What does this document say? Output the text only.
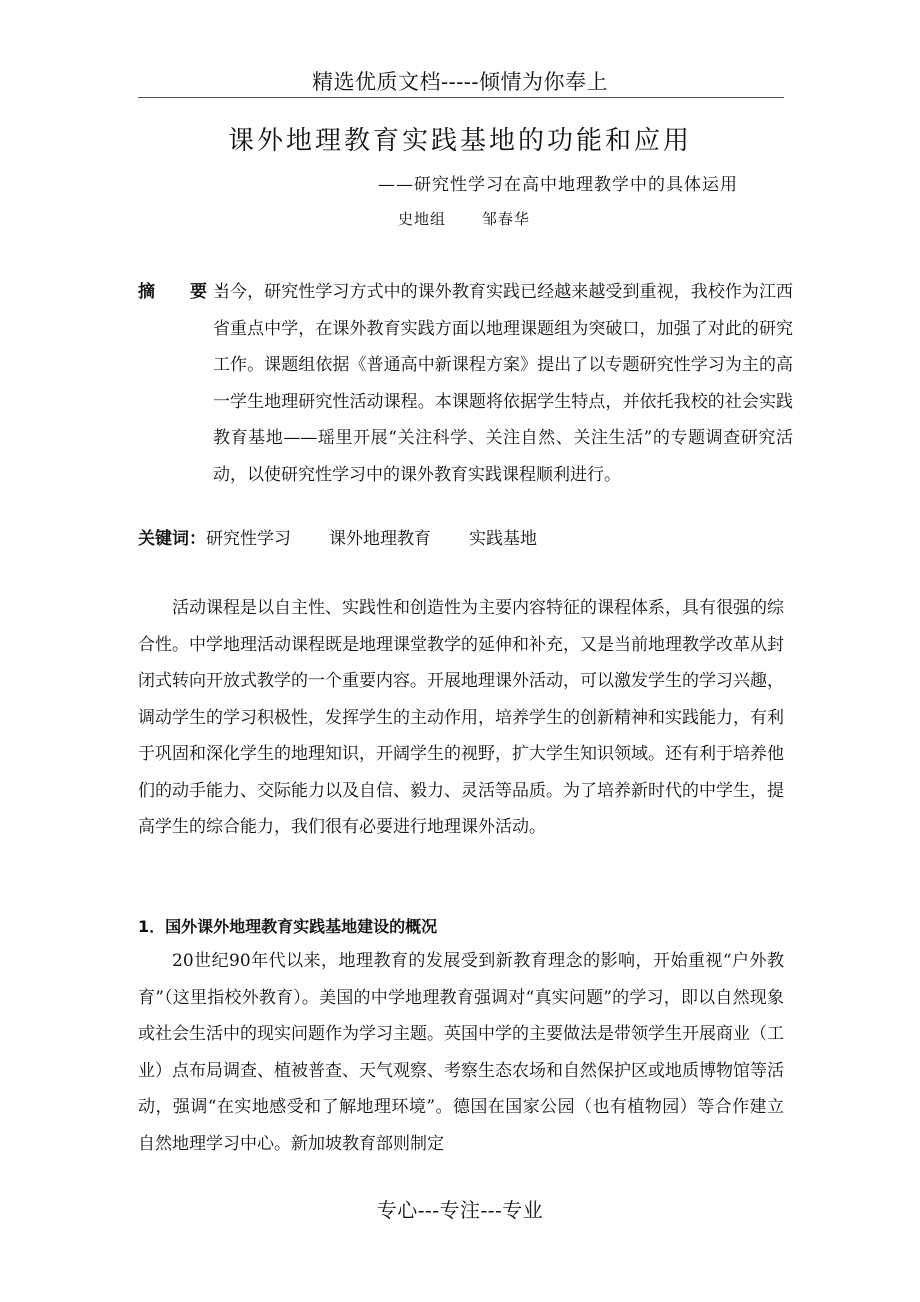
精选优质文档-----倾情为你奉上
课外地理教育实践基地的功能和应用
——研究性学习在高中地理教学中的具体运用
史地组 邹春华
摘　要：
当今，研究性学习方式中的课外教育实践已经越来越受到重视，我校作为江西省重点中学，在课外教育实践方面以地理课题组为突破口，加强了对此的研究工作。课题组依据《普通高中新课程方案》提出了以专题研究性学习为主的高一学生地理研究性活动课程。本课题将依据学生特点，并依托我校的社会实践教育基地——瑶里开展“关注科学、关注自然、关注生活”的专题调查研究活动，以使研究性学习中的课外教育实践课程顺利进行。
关键词：研究性学习 课外地理教育 实践基地
活动课程是以自主性、实践性和创造性为主要内容特征的课程体系，具有很强的综合性。中学地理活动课程既是地理课堂教学的延伸和补充，又是当前地理教学改革从封闭式转向开放式教学的一个重要内容。开展地理课外活动，可以激发学生的学习兴趣，调动学生的学习积极性，发挥学生的主动作用，培养学生的创新精神和实践能力，有利于巩固和深化学生的地理知识，开阔学生的视野，扩大学生知识领域。还有利于培养他们的动手能力、交际能力以及自信、毅力、灵活等品质。为了培养新时代的中学生，提高学生的综合能力，我们很有必要进行地理课外活动。
1．国外课外地理教育实践基地建设的概况
20世纪90年代以来，地理教育的发展受到新教育理念的影响，开始重视“户外教育”（这里指校外教育）。美国的中学地理教育强调对“真实问题”的学习，即以自然现象或社会生活中的现实问题作为学习主题。英国中学的主要做法是带领学生开展商业（工业）点布局调查、植被普查、天气观察、考察生态农场和自然保护区或地质博物馆等活动，强调“在实地感受和了解地理环境”。德国在国家公园（也有植物园）等合作建立自然地理学习中心。新加坡教育部则制定
专心---专注---专业
